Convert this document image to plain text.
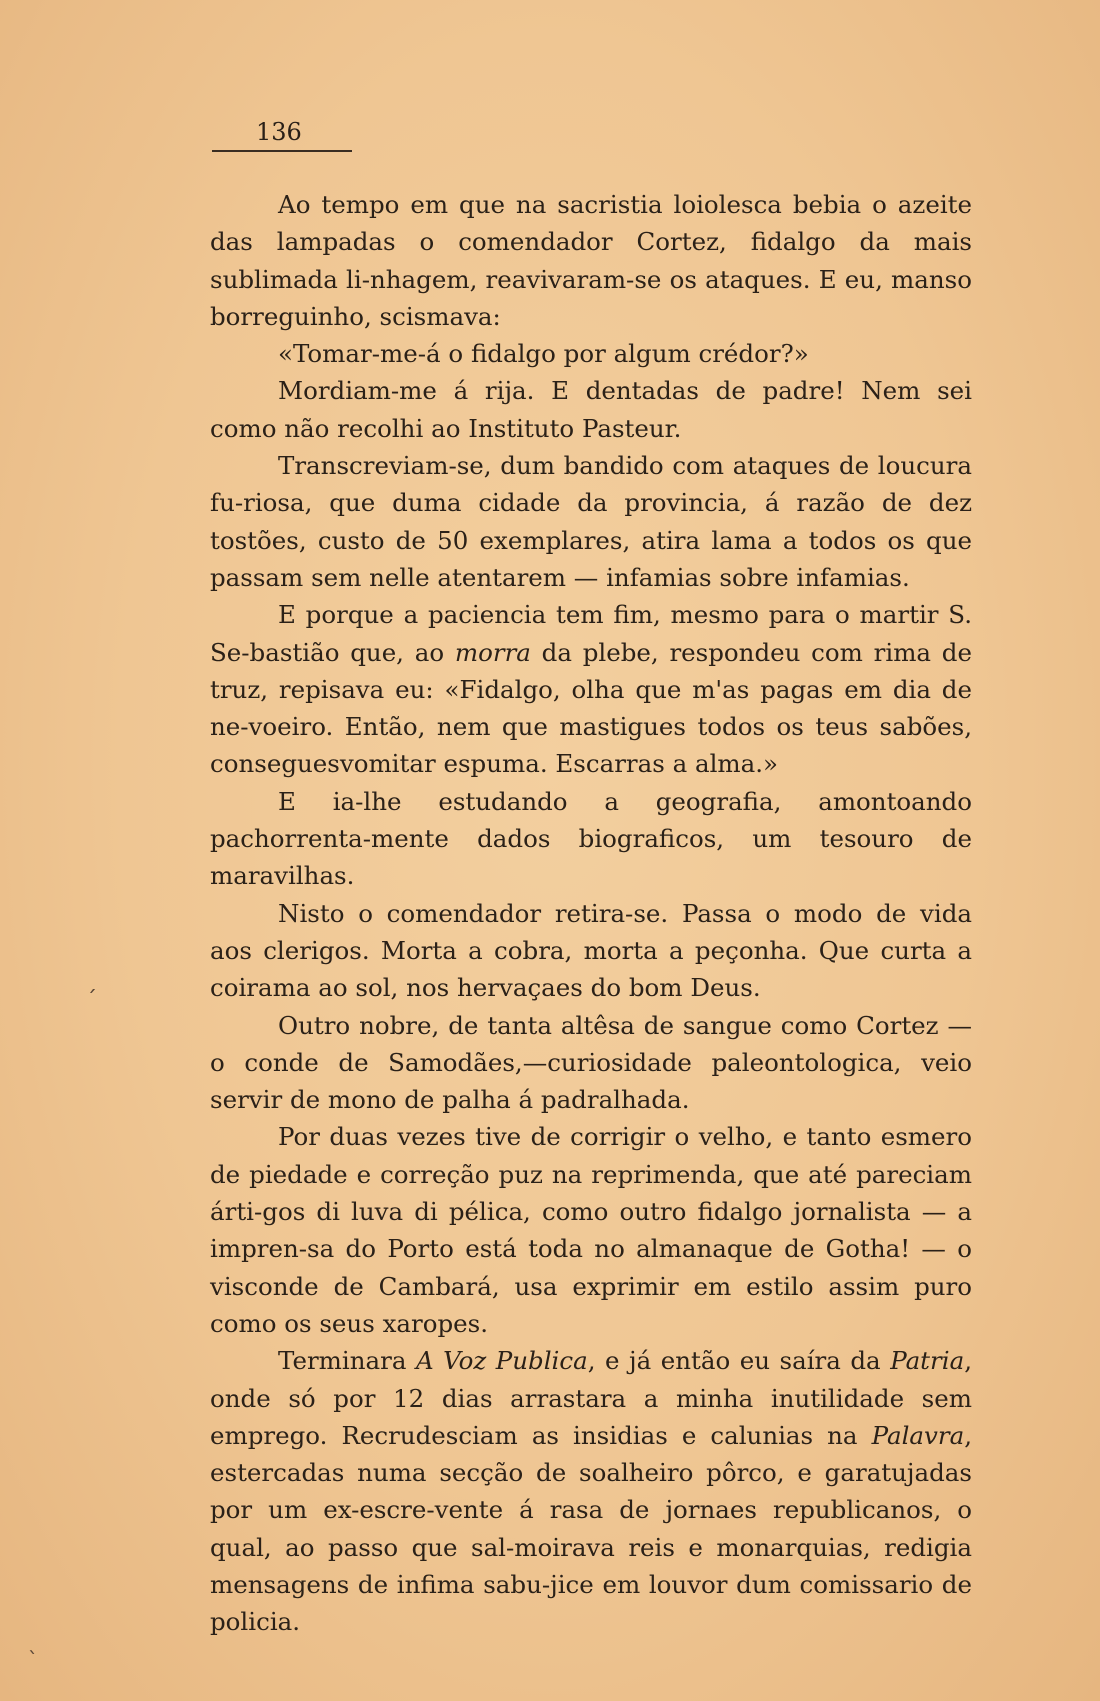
136

Ao tempo em que na sacristia loiolesca bebia o azeite das lampadas o comendador Cortez, fidalgo da mais sublimada li-nhagem, reavivaram-se os ataques. E eu, manso borreguinho, scismava:

«Tomar-me-á o fidalgo por algum crédor?»

Mordiam-me á rija. E dentadas de padre! Nem sei como não recolhi ao Instituto Pasteur.

Transcreviam-se, dum bandido com ataques de loucura fu-riosa, que duma cidade da provincia, á razão de dez tostões, custo de 50 exemplares, atira lama a todos os que passam sem nelle atentarem — infamias sobre infamias.

E porque a paciencia tem fim, mesmo para o martir S. Se-bastião que, ao morra da plebe, respondeu com rima de truz, repisava eu: «Fidalgo, olha que m'as pagas em dia de ne-voeiro. Então, nem que mastigues todos os teus sabões, conseguesvomitar espuma. Escarras a alma.»

E ia-lhe estudando a geografia, amontoando pachorrenta-mente dados biograficos, um tesouro de maravilhas.

Nisto o comendador retira-se. Passa o modo de vida aos clerigos. Morta a cobra, morta a peçonha. Que curta a coirama ao sol, nos hervaçaes do bom Deus.

Outro nobre, de tanta altêsa de sangue como Cortez — o conde de Samodães,—curiosidade paleontologica, veio servir de mono de palha á padralhada.

Por duas vezes tive de corrigir o velho, e tanto esmero de piedade e correção puz na reprimenda, que até pareciam árti-gos di luva di pélica, como outro fidalgo jornalista — a impren-sa do Porto está toda no almanaque de Gotha! — o visconde de Cambará, usa exprimir em estilo assim puro como os seus xaropes.

Terminara A Voz Publica, e já então eu saíra da Patria, onde só por 12 dias arrastara a minha inutilidade sem emprego. Recrudesciam as insidias e calunias na Palavra, estercadas numa secção de soalheiro pôrco, e garatujadas por um ex-escre-vente á rasa de jornaes republicanos, o qual, ao passo que sal-moirava reis e monarquias, redigia mensagens de infima sabu-jice em louvor dum comissario de policia.

ˊ
ˎ
